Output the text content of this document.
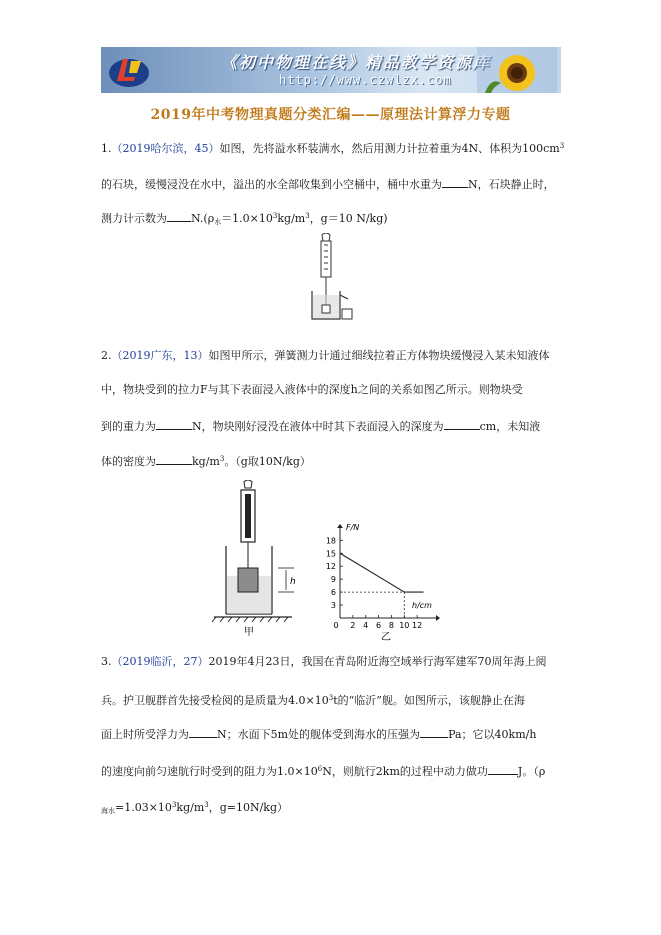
《初中物理在线》精品教学资源库
http://www.czwlzx.com
2019年中考物理真题分类汇编——原理法计算浮力专题
1.（2019哈尔滨，45）如图，先将溢水杯装满水，然后用测力计拉着重为4N、体积为$100cm^3$
的石块，缓慢浸没在水中，溢出的水全部收集到小空桶中，桶中水重为 N，石块静止时，
测力计示数为 $N.(\rho_水=1.0\times 10^3kg/m^3$，g＝10 N/kg)
2.（2019广东，13）如图甲所示，弹簧测力计通过细线拉着正方体物块缓慢浸入某未知液体
中，物块受到的拉力F与其下表面浸入液体中的深度h之间的关系如图乙所示。则物块受
到的重力为	N，物块刚好浸没在液体中时其下表面浸入的深度为	cm，未知液
体的密度为	$kg/m^3$。（g取10N/kg）
h
甲
3
6
9
12
15
18
0 2 4 6 8 10 12
F/N
h/cm
乙
3.（2019临沂，27）2019年4月23日，我国在青岛附近海空域举行海军建军70周年海上阅
兵。护卫舰群首先接受检阅的是质量为$4.0\times 10^3t$的“临沂”舰。如图所示，该舰静止在海
面上时所受浮力为	N；水面下5m处的舰体受到海水的压强为	Pa；它以40km/h
的速度向前匀速航行时受到的阻力为$1.0\times 10^6N$，则航行2km的过程中动力做功	J。（ρ
$_{海水}=1.03\times 10^3kg/m^3$，g=10N/kg）
